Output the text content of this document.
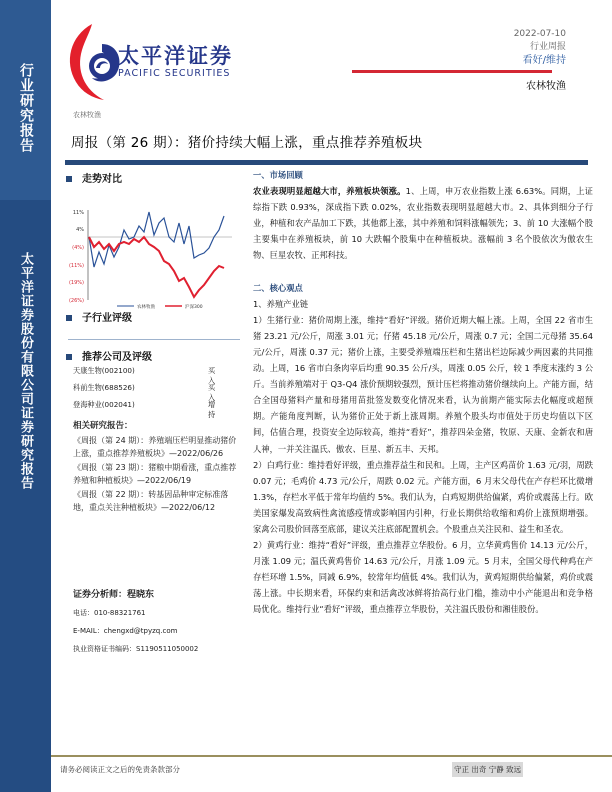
行业研究报告
太平洋证券股份有限公司证券研究报告
太平洋证券
PACIFIC SECURITIES
2022-07-10
行业周报
看好/维持
农林牧渔
农林牧渔
周报（第 26 期）：猪价持续大幅上涨，重点推荐养殖板块
走势对比
11%
4%
(4%)
(11%)
(19%)
(26%)
农林牧渔	沪深300
子行业评级
推荐公司及评级
天康生物(002100)	买入
科前生物(688526)	买入
登海种业(002041)	增持
相关研究报告：
《周报（第 24 期）：养殖端压栏明显推动猪价上涨，重点推荐养殖板块》—2022/06/26
《周报（第 23 期）：猪粮中期看涨，重点推荐养殖和种植板块》—2022/06/19
《周报（第 22 期）：转基因品种审定标准落地，重点关注种植板块》—2022/06/12
证券分析师：程晓东
电话：010-88321761
E-MAIL：chengxd@tpyzq.com
执业资格证书编码：S1190511050002
一、市场回顾
农业表现明显超越大市，养殖板块领涨。1、上周，申万农业指数上涨 6.63%。同期，上证综指下跌 0.93%，深成指下跌 0.02%，农业指数表现明显超越大市。2、具体到细分子行业，种植和农产品加工下跌，其他都上涨，其中养殖和饲料涨幅领先；3、前 10 大涨幅个股主要集中在养殖板块，前 10 大跌幅个股集中在种植板块。涨幅前 3 名个股依次为傲农生物、巨星农牧、正邦科技。
二、核心观点
1、养殖产业链
1）生猪行业：猪价周期上涨，维持“看好”评级。猪价近期大幅上涨。上周，全国 22 省市生猪 23.21 元/公斤，周涨 3.01 元；仔猪 45.18 元/公斤，周涨 0.7 元；全国二元母猪 35.64 元/公斤，周涨 0.37 元；猪价上涨，主要受养殖端压栏和生猪出栏边际减少两因素的共同推动。上周，16 省市白条肉宰后均重 90.35 公斤/头，周涨 0.05 公斤，较 1 季度末涨约 3 公斤。当前养殖端对于 Q3-Q4 涨价预期较强烈，预计压栏将推动猪价继续向上。产能方面，结合全国母猪料产量和母猪用苗批签发数变化情况来看，认为前期产能实际去化幅度或超预期。产能角度判断，认为猪价正处于新上涨周期。养殖个股头均市值处于历史均值以下区间，估值合理，投资安全边际较高，维持“看好”，推荐四朵金猪，牧原、天康、金新农和唐人神，一并关注温氏、傲农、巨星、新五丰、天邦。
2）白鸡行业：维持看好评级，重点推荐益生和民和。上周，主产区鸡苗价 1.63 元/羽，周跌 0.07 元；毛鸡价 4.73 元/公斤，周跌 0.02 元。产能方面，6 月末父母代在产存栏环比微增 1.3%，存栏水平低于常年均值约 5%。我们认为，白鸡短期供给偏紧，鸡价或震荡上行。欧美国家爆发高致病性禽流感疫情或影响国内引种，行业长期供给收缩和鸡价上涨预期增强。家禽公司股价回落至底部，建议关注底部配置机会。个股重点关注民和、益生和圣农。
2）黄鸡行业：维持“看好”评级，重点推荐立华股份。6 月，立华黄鸡售价 14.13 元/公斤，月涨 1.09 元；温氏黄鸡售价 14.63 元/公斤，月涨 1.09 元。5 月末，全国父母代种鸡在产存栏环增 1.5%，同减 6.9%，较常年均值低 4%。我们认为，黄鸡短期供给偏紧，鸡价或震荡上涨。中长期来看，环保约束和活禽改冰鲜将抬高行业门槛，推动中小产能退出和竞争格局优化。维持行业“看好”评级，重点推荐立华股份，关注温氏股份和湘佳股份。
请务必阅读正文之后的免责条款部分	守正 出奇 宁静 致远
